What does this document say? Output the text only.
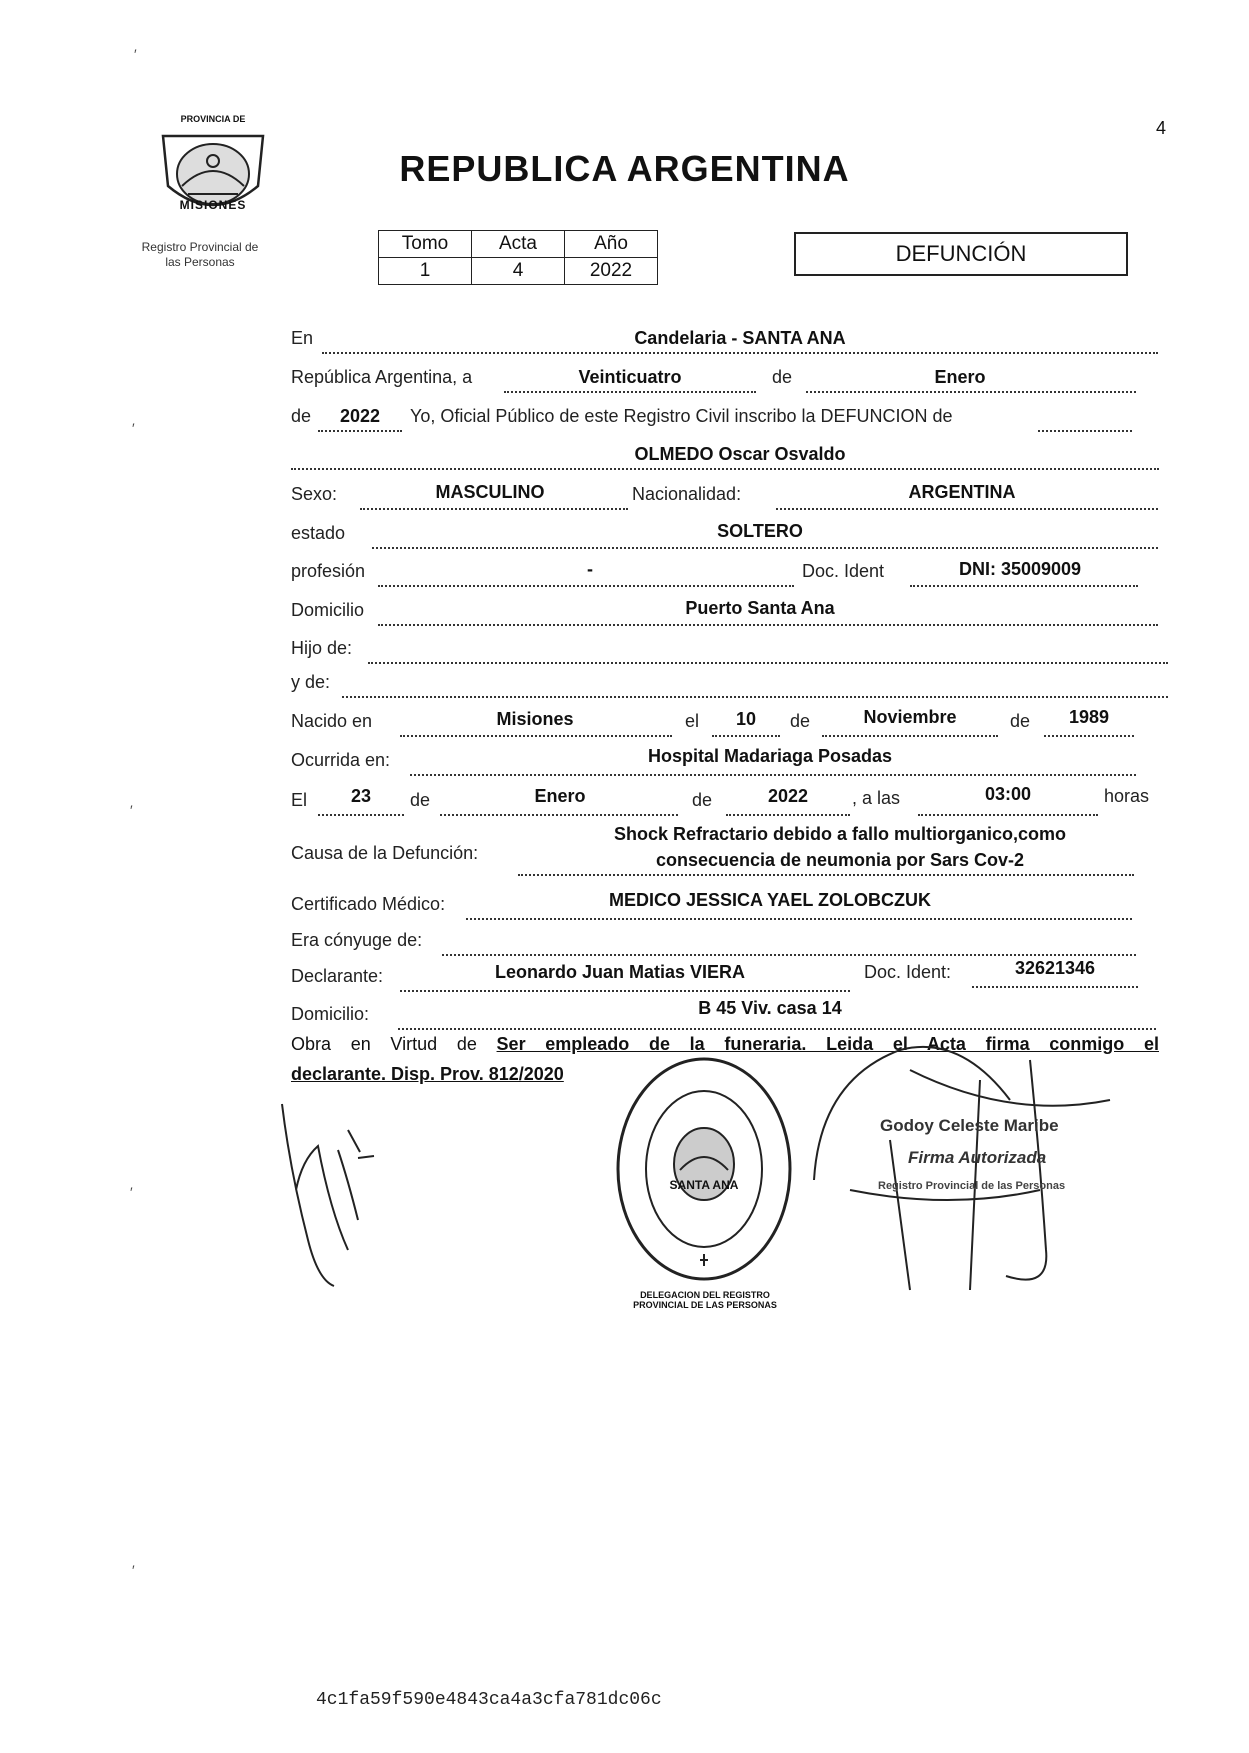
4
PROVINCIA DE
MISIONES
Registro Provincial de
las Personas
REPUBLICA ARGENTINA
Tomo	Acta	Año
1	4	2022
DEFUNCIÓN
En	Candelaria - SANTA ANA
República Argentina, a	Veinticuatro	de	Enero
de	2022	Yo, Oficial Público de este Registro Civil inscribo la DEFUNCION de
OLMEDO Oscar Osvaldo
Sexo:	MASCULINO	Nacionalidad:	ARGENTINA
estado	SOLTERO
profesión	-	Doc. Ident	DNI: 35009009
Domicilio	Puerto Santa Ana
Hijo de:
y de:
Nacido en	Misiones	el	10	de	Noviembre	de	1989
Ocurrida en:	Hospital Madariaga Posadas
El	23	de	Enero	de	2022	, a las	03:00	horas
Causa de la Defunción:
Shock Refractario debido a fallo multiorganico,como
consecuencia de neumonia por Sars Cov-2
Certificado Médico:	MEDICO JESSICA YAEL ZOLOBCZUK
Era cónyuge de:
Declarante:	Leonardo Juan Matias VIERA	Doc. Ident:	32621346
Domicilio:	B 45 Viv. casa 14
Obra en Virtud de Ser empleado de la funeraria. Leida el Acta firma conmigo el
declarante. Disp. Prov. 812/2020
SANTA ANA
DELEGACION DEL REGISTRO PROVINCIAL DE LAS PERSONAS
Godoy Celeste Maribe
Firma Autorizada
Registro Provincial de las Personas
4c1fa59f590e4843ca4a3cfa781dc06c
′
′
′
′
′
